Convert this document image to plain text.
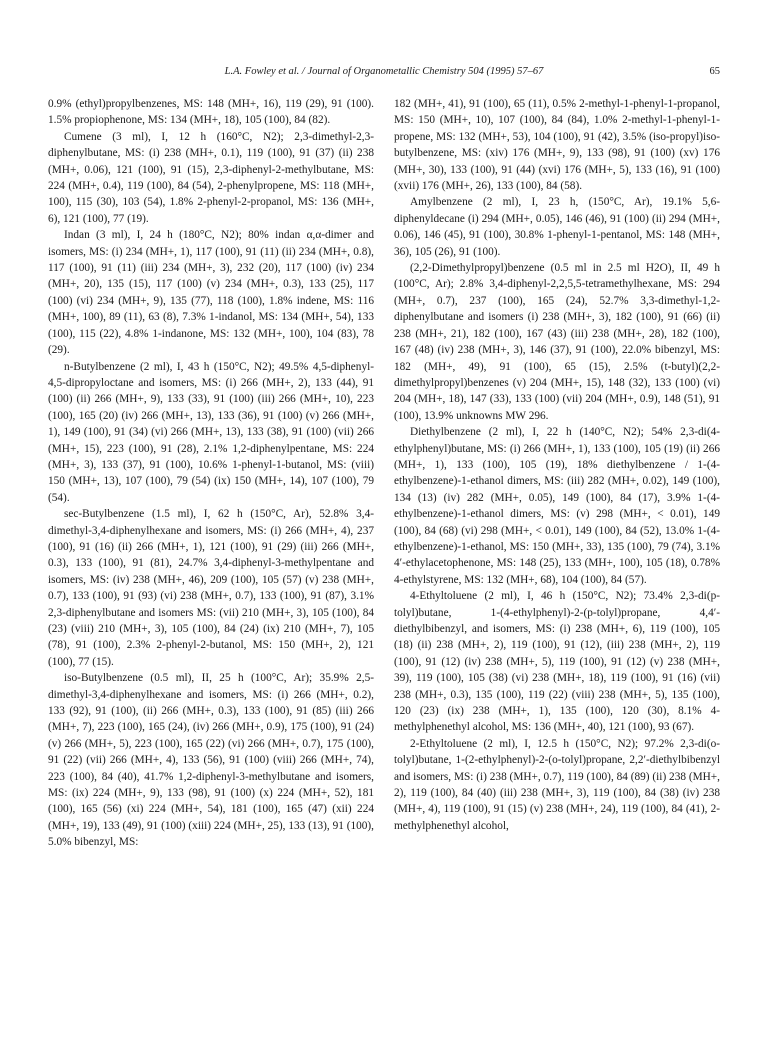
L.A. Fowley et al. / Journal of Organometallic Chemistry 504 (1995) 57–67	65

0.9% (ethyl)propylbenzenes, MS: 148 (MH+, 16), 119 (29), 91 (100). 1.5% propiophenone, MS: 134 (MH+, 18), 105 (100), 84 (82).

Cumene (3 ml), I, 12 h (160°C, N2); 2,3-dimethyl-2,3-diphenylbutane, MS: (i) 238 (MH+, 0.1), 119 (100), 91 (37) (ii) 238 (MH+, 0.06), 121 (100), 91 (15), 2,3-diphenyl-2-methylbutane, MS: 224 (MH+, 0.4), 119 (100), 84 (54), 2-phenylpropene, MS: 118 (MH+, 100), 115 (30), 103 (54), 1.8% 2-phenyl-2-propanol, MS: 136 (MH+, 6), 121 (100), 77 (19).

Indan (3 ml), I, 24 h (180°C, N2); 80% indan α,α-dimer and isomers, MS: (i) 234 (MH+, 1), 117 (100), 91 (11) (ii) 234 (MH+, 0.8), 117 (100), 91 (11) (iii) 234 (MH+, 3), 232 (20), 117 (100) (iv) 234 (MH+, 20), 135 (15), 117 (100) (v) 234 (MH+, 0.3), 133 (25), 117 (100) (vi) 234 (MH+, 9), 135 (77), 118 (100), 1.8% indene, MS: 116 (MH+, 100), 89 (11), 63 (8), 7.3% 1-indanol, MS: 134 (MH+, 54), 133 (100), 115 (22), 4.8% 1-indanone, MS: 132 (MH+, 100), 104 (83), 78 (29).

n-Butylbenzene (2 ml), I, 43 h (150°C, N2); 49.5% 4,5-diphenyl-4,5-dipropyloctane and isomers, MS: (i) 266 (MH+, 2), 133 (44), 91 (100) (ii) 266 (MH+, 9), 133 (33), 91 (100) (iii) 266 (MH+, 10), 223 (100), 165 (20) (iv) 266 (MH+, 13), 133 (36), 91 (100) (v) 266 (MH+, 1), 149 (100), 91 (34) (vi) 266 (MH+, 13), 133 (38), 91 (100) (vii) 266 (MH+, 15), 223 (100), 91 (28), 2.1% 1,2-diphenylpentane, MS: 224 (MH+, 3), 133 (37), 91 (100), 10.6% 1-phenyl-1-butanol, MS: (viii) 150 (MH+, 13), 107 (100), 79 (54) (ix) 150 (MH+, 14), 107 (100), 79 (54).

sec-Butylbenzene (1.5 ml), I, 62 h (150°C, Ar), 52.8% 3,4-dimethyl-3,4-diphenylhexane and isomers, MS: (i) 266 (MH+, 4), 237 (100), 91 (16) (ii) 266 (MH+, 1), 121 (100), 91 (29) (iii) 266 (MH+, 0.3), 133 (100), 91 (81), 24.7% 3,4-diphenyl-3-methylpentane and isomers, MS: (iv) 238 (MH+, 46), 209 (100), 105 (57) (v) 238 (MH+, 0.7), 133 (100), 91 (93) (vi) 238 (MH+, 0.7), 133 (100), 91 (87), 3.1% 2,3-diphenylbutane and isomers MS: (vii) 210 (MH+, 3), 105 (100), 84 (23) (viii) 210 (MH+, 3), 105 (100), 84 (24) (ix) 210 (MH+, 7), 105 (78), 91 (100), 2.3% 2-phenyl-2-butanol, MS: 150 (MH+, 2), 121 (100), 77 (15).

iso-Butylbenzene (0.5 ml), II, 25 h (100°C, Ar); 35.9% 2,5-dimethyl-3,4-diphenylhexane and isomers, MS: (i) 266 (MH+, 0.2), 133 (92), 91 (100), (ii) 266 (MH+, 0.3), 133 (100), 91 (85) (iii) 266 (MH+, 7), 223 (100), 165 (24), (iv) 266 (MH+, 0.9), 175 (100), 91 (24) (v) 266 (MH+, 5), 223 (100), 165 (22) (vi) 266 (MH+, 0.7), 175 (100), 91 (22) (vii) 266 (MH+, 4), 133 (56), 91 (100) (viii) 266 (MH+, 74), 223 (100), 84 (40), 41.7% 1,2-diphenyl-3-methylbutane and isomers, MS: (ix) 224 (MH+, 9), 133 (98), 91 (100) (x) 224 (MH+, 52), 181 (100), 165 (56) (xi) 224 (MH+, 54), 181 (100), 165 (47) (xii) 224 (MH+, 19), 133 (49), 91 (100) (xiii) 224 (MH+, 25), 133 (13), 91 (100), 5.0% bibenzyl, MS:

182 (MH+, 41), 91 (100), 65 (11), 0.5% 2-methyl-1-phenyl-1-propanol, MS: 150 (MH+, 10), 107 (100), 84 (84), 1.0% 2-methyl-1-phenyl-1-propene, MS: 132 (MH+, 53), 104 (100), 91 (42), 3.5% (iso-propyl)iso-butylbenzene, MS: (xiv) 176 (MH+, 9), 133 (98), 91 (100) (xv) 176 (MH+, 30), 133 (100), 91 (44) (xvi) 176 (MH+, 5), 133 (16), 91 (100) (xvii) 176 (MH+, 26), 133 (100), 84 (58).

Amylbenzene (2 ml), I, 23 h, (150°C, Ar), 19.1% 5,6-diphenyldecane (i) 294 (MH+, 0.05), 146 (46), 91 (100) (ii) 294 (MH+, 0.06), 146 (45), 91 (100), 30.8% 1-phenyl-1-pentanol, MS: 148 (MH+, 36), 105 (26), 91 (100).

(2,2-Dimethylpropyl)benzene (0.5 ml in 2.5 ml H2O), II, 49 h (100°C, Ar); 2.8% 3,4-diphenyl-2,2,5,5-tetramethylhexane, MS: 294 (MH+, 0.7), 237 (100), 165 (24), 52.7% 3,3-dimethyl-1,2-diphenylbutane and isomers (i) 238 (MH+, 3), 182 (100), 91 (66) (ii) 238 (MH+, 21), 182 (100), 167 (43) (iii) 238 (MH+, 28), 182 (100), 167 (48) (iv) 238 (MH+, 3), 146 (37), 91 (100), 22.0% bibenzyl, MS: 182 (MH+, 49), 91 (100), 65 (15), 2.5% (t-butyl)(2,2-dimethylpropyl)benzenes (v) 204 (MH+, 15), 148 (32), 133 (100) (vi) 204 (MH+, 18), 147 (33), 133 (100) (vii) 204 (MH+, 0.9), 148 (51), 91 (100), 13.9% unknowns MW 296.

Diethylbenzene (2 ml), I, 22 h (140°C, N2); 54% 2,3-di(4-ethylphenyl)butane, MS: (i) 266 (MH+, 1), 133 (100), 105 (19) (ii) 266 (MH+, 1), 133 (100), 105 (19), 18% diethylbenzene / 1-(4-ethylbenzene)-1-ethanol dimers, MS: (iii) 282 (MH+, 0.02), 149 (100), 134 (13) (iv) 282 (MH+, 0.05), 149 (100), 84 (17), 3.9% 1-(4-ethylbenzene)-1-ethanol dimers, MS: (v) 298 (MH+, < 0.01), 149 (100), 84 (68) (vi) 298 (MH+, < 0.01), 149 (100), 84 (52), 13.0% 1-(4-ethylbenzene)-1-ethanol, MS: 150 (MH+, 33), 135 (100), 79 (74), 3.1% 4′-ethylacetophenone, MS: 148 (25), 133 (MH+, 100), 105 (18), 0.78% 4-ethylstyrene, MS: 132 (MH+, 68), 104 (100), 84 (57).

4-Ethyltoluene (2 ml), I, 46 h (150°C, N2); 73.4% 2,3-di(p-tolyl)butane, 1-(4-ethylphenyl)-2-(p-tolyl)propane, 4,4′-diethylbibenzyl, and isomers, MS: (i) 238 (MH+, 6), 119 (100), 105 (18) (ii) 238 (MH+, 2), 119 (100), 91 (12), (iii) 238 (MH+, 2), 119 (100), 91 (12) (iv) 238 (MH+, 5), 119 (100), 91 (12) (v) 238 (MH+, 39), 119 (100), 105 (38) (vi) 238 (MH+, 18), 119 (100), 91 (16) (vii) 238 (MH+, 0.3), 135 (100), 119 (22) (viii) 238 (MH+, 5), 135 (100), 120 (23) (ix) 238 (MH+, 1), 135 (100), 120 (30), 8.1% 4-methylphenethyl alcohol, MS: 136 (MH+, 40), 121 (100), 93 (67).

2-Ethyltoluene (2 ml), I, 12.5 h (150°C, N2); 97.2% 2,3-di(o-tolyl)butane, 1-(2-ethylphenyl)-2-(o-tolyl)propane, 2,2′-diethylbibenzyl and isomers, MS: (i) 238 (MH+, 0.7), 119 (100), 84 (89) (ii) 238 (MH+, 2), 119 (100), 84 (40) (iii) 238 (MH+, 3), 119 (100), 84 (38) (iv) 238 (MH+, 4), 119 (100), 91 (15) (v) 238 (MH+, 24), 119 (100), 84 (41), 2-methylphenethyl alcohol,
